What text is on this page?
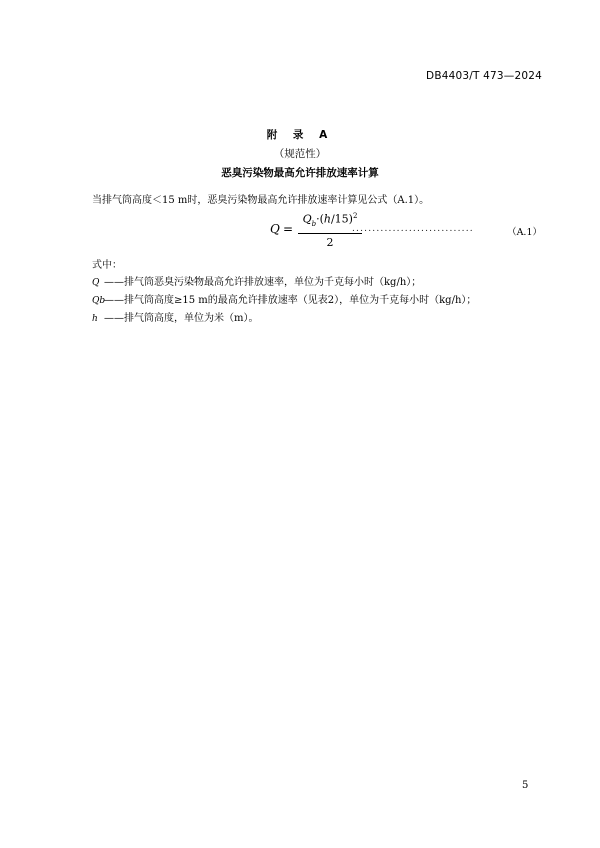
DB4403/T 473—2024
附 录 A
（规范性）
恶臭污染物最高允许排放速率计算
当排气筒高度＜15 m时，恶臭污染物最高允许排放速率计算见公式（A.1）。
Q =
$Q_b\cdot(h/15)^2$
2
..............................	（A.1）
式中：
Q ——排气筒恶臭污染物最高允许排放速率，单位为千克每小时（kg/h）；
Qb——排气筒高度≥15 m的最高允许排放速率（见表2），单位为千克每小时（kg/h）；
h ——排气筒高度，单位为米（m）。
5
